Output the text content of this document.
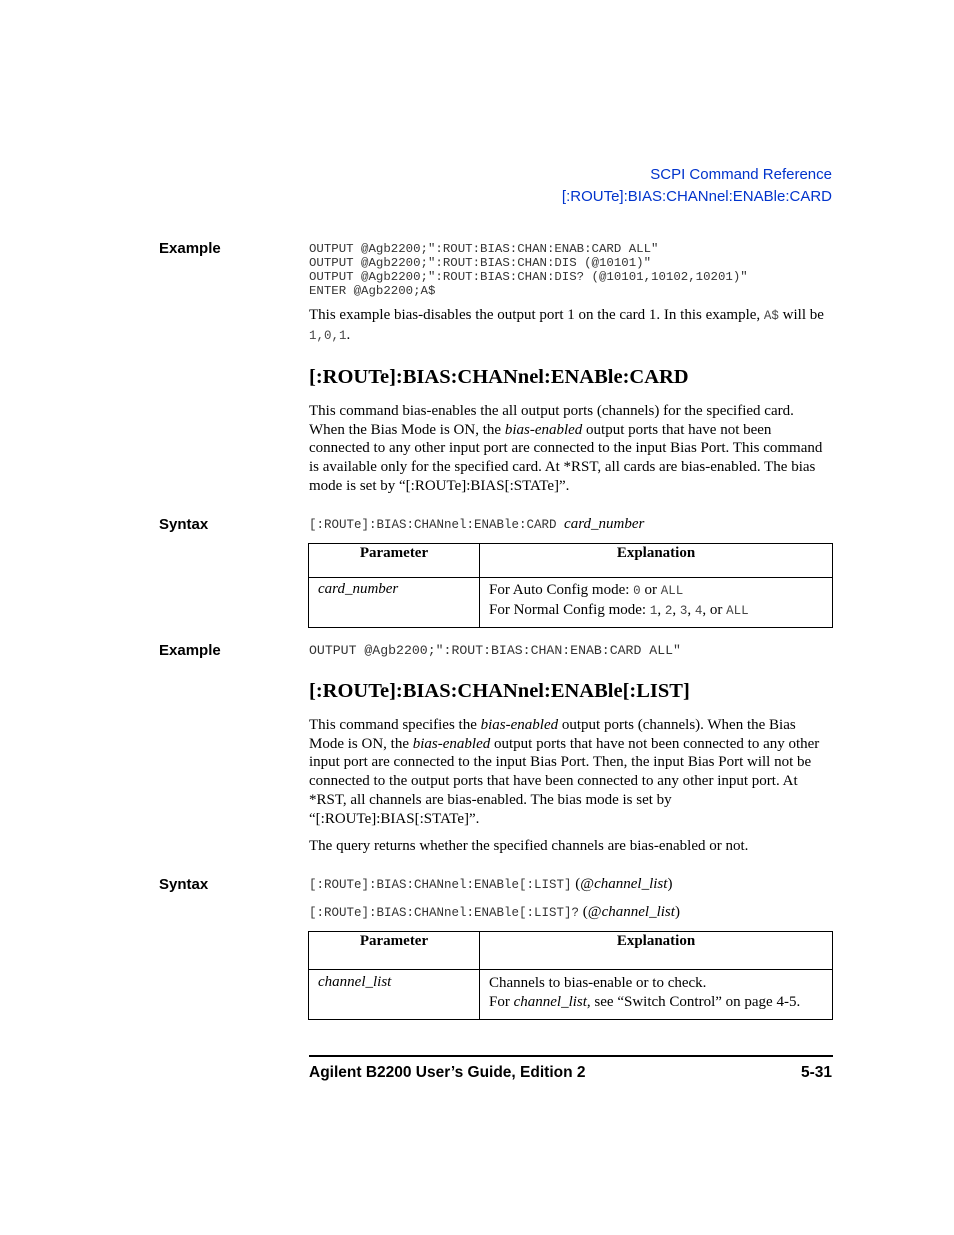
SCPI Command Reference
[:ROUTe]:BIAS:CHANnel:ENABle:CARD
Example	OUTPUT @Agb2200;":ROUT:BIAS:CHAN:ENAB:CARD ALL"
OUTPUT @Agb2200;":ROUT:BIAS:CHAN:DIS (@10101)"
OUTPUT @Agb2200;":ROUT:BIAS:CHAN:DIS? (@10101,10102,10201)"
ENTER @Agb2200;A$
This example bias-disables the output port 1 on the card 1. In this example, A$ will be 1,0,1.
[:ROUTe]:BIAS:CHANnel:ENABle:CARD
This command bias-enables the all output ports (channels) for the specified card. When the Bias Mode is ON, the bias-enabled output ports that have not been connected to any other input port are connected to the input Bias Port. This command is available only for the specified card. At *RST, all cards are bias-enabled. The bias mode is set by “[:ROUTe]:BIAS[:STATe]”.
Syntax	[:ROUTe]:BIAS:CHANnel:ENABle:CARD card_number
Parameter	Explanation
card_number	For Auto Config mode: 0 or ALL
For Normal Config mode: 1, 2, 3, 4, or ALL
Example	OUTPUT @Agb2200;":ROUT:BIAS:CHAN:ENAB:CARD ALL"
[:ROUTe]:BIAS:CHANnel:ENABle[:LIST]
This command specifies the bias-enabled output ports (channels). When the Bias Mode is ON, the bias-enabled output ports that have not been connected to any other input port are connected to the input Bias Port. Then, the input Bias Port will not be connected to the output ports that have been connected to any other input port. At *RST, all channels are bias-enabled. The bias mode is set by “[:ROUTe]:BIAS[:STATe]”.
The query returns whether the specified channels are bias-enabled or not.
Syntax	[:ROUTe]:BIAS:CHANnel:ENABle[:LIST] (@channel_list)
[:ROUTe]:BIAS:CHANnel:ENABle[:LIST]? (@channel_list)
Parameter	Explanation
channel_list	Channels to bias-enable or to check.
For channel_list, see “Switch Control” on page 4-5.
Agilent B2200 User’s Guide, Edition 2	5-31
